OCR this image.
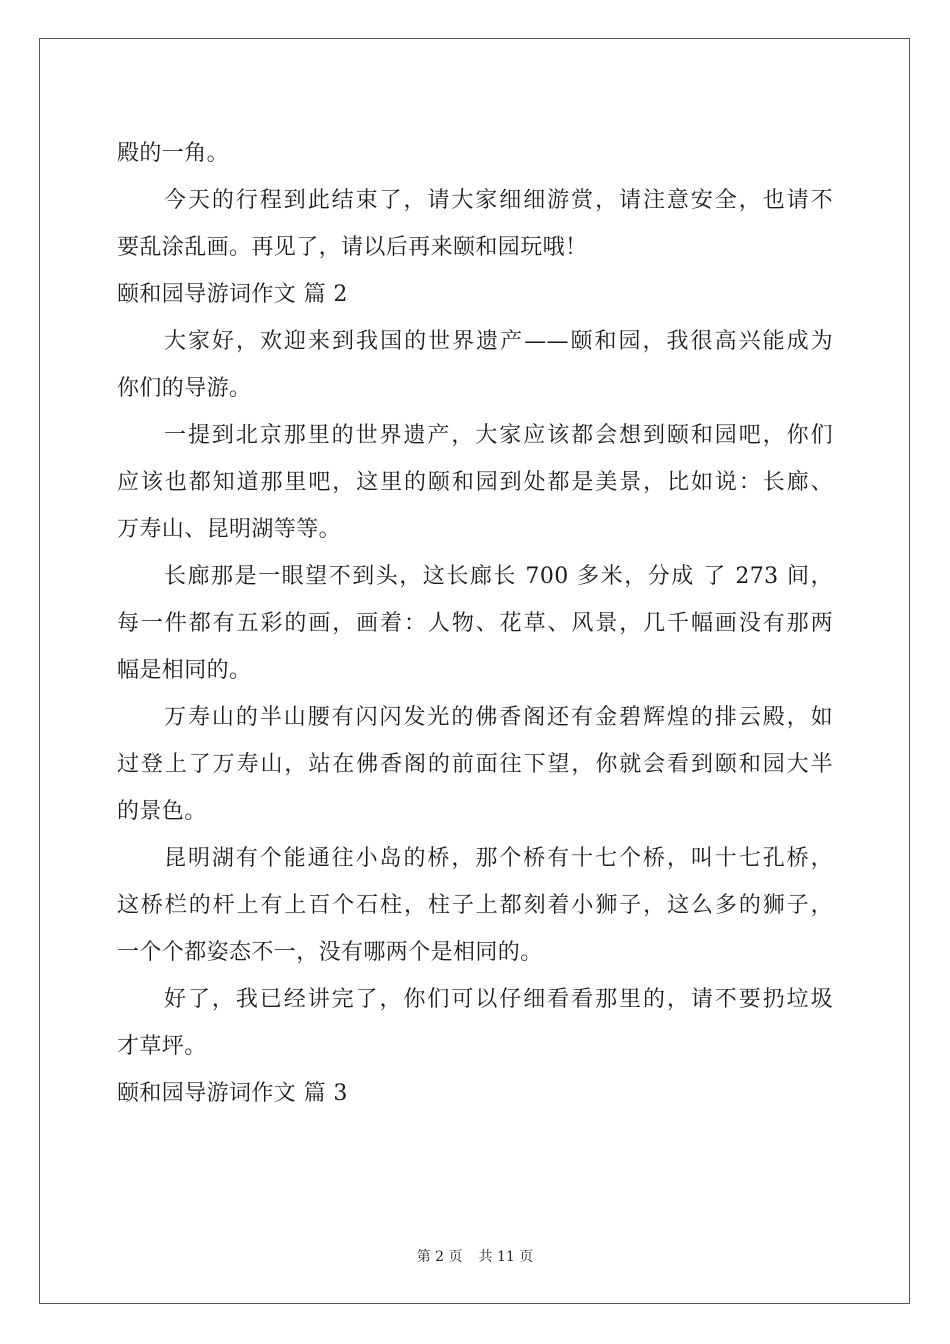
殿的一角。
今天的行程到此结束了，请大家细细游赏，请注意安全，也请不
要乱涂乱画。再见了，请以后再来颐和园玩哦！
颐和园导游词作文 篇 2
大家好，欢迎来到我国的世界遗产——颐和园，我很高兴能成为
你们的导游。
一提到北京那里的世界遗产，大家应该都会想到颐和园吧，你们
应该也都知道那里吧，这里的颐和园到处都是美景，比如说：长廊、
万寿山、昆明湖等等。
长廊那是一眼望不到头，这长廊长 700 多米，分成 了 273 间，
每一件都有五彩的画，画着：人物、花草、风景，几千幅画没有那两
幅是相同的。
万寿山的半山腰有闪闪发光的佛香阁还有金碧辉煌的排云殿，如
过登上了万寿山，站在佛香阁的前面往下望，你就会看到颐和园大半
的景色。
昆明湖有个能通往小岛的桥，那个桥有十七个桥，叫十七孔桥，
这桥栏的杆上有上百个石柱，柱子上都刻着小狮子，这么多的狮子，
一个个都姿态不一，没有哪两个是相同的。
好了，我已经讲完了，你们可以仔细看看那里的，请不要扔垃圾
才草坪。
颐和园导游词作文 篇 3
第 2 页 共 11 页
